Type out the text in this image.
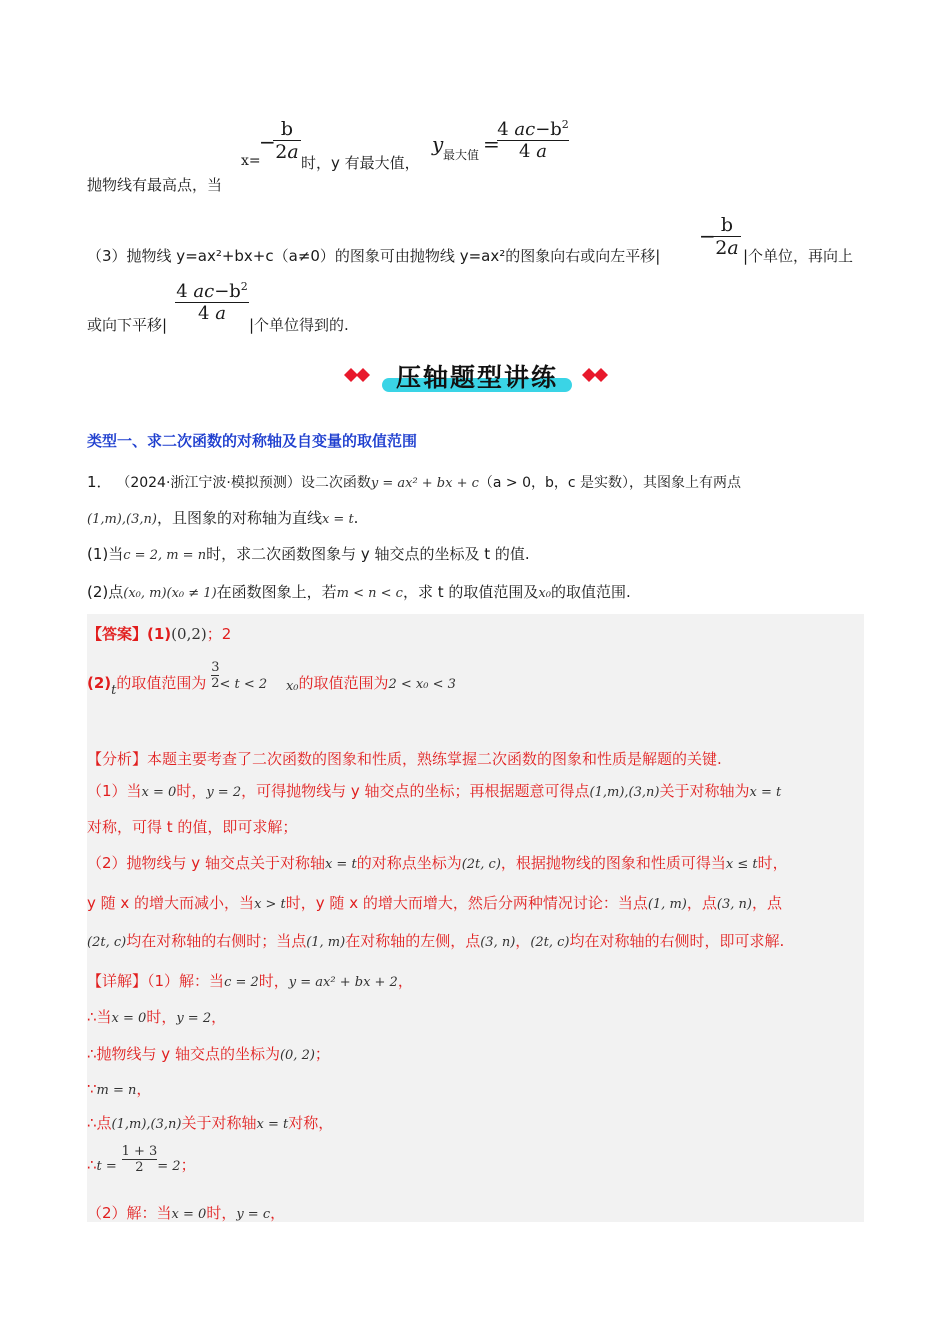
x=
−
$\frac{b}{2a}$ 时，y 有最大值，
y 最大值 =
$\frac{4 ac-b^2}{4 a}$
抛物线有最高点，当
（3）抛物线 y=ax²+bx+c（a≠0）的图象可由抛物线 y=ax²的图象向右或向左平移|
− b
2a |个单位，再向上
4 $ac-b^2$
4 a
或向下平移|	|个单位得到的.
压轴题型讲练
类型一、求二次函数的对称轴及自变量的取值范围
1． （2024·浙江宁波·模拟预测）设二次函数y = ax² + bx + c（a > 0，b，c 是实数），其图象上有两点
(1,m),(3,n)，且图象的对称轴为直线x = t.
(1)当c = 2, m = n时，求二次函数图象与 y 轴交点的坐标及 t 的值.
(2)点(x₀, m)(x₀ ≠ 1)在函数图象上，若m < n < c，求 t 的取值范围及x₀的取值范围.
【答案】(1)(0,2)；2
(2)t的取值范围为 $\frac{3}{2} < t < 2$ x₀的取值范围为2 < x₀ < 3
【分析】本题主要考查了二次函数的图象和性质，熟练掌握二次函数的图象和性质是解题的关键.
（1）当x = 0时，y = 2，可得抛物线与 y 轴交点的坐标；再根据题意可得点(1,m),(3,n)关于对称轴为x = t
对称，可得 t 的值，即可求解；
（2）抛物线与 y 轴交点关于对称轴x = t的对称点坐标为(2t, c)，根据抛物线的图象和性质可得当x ≤ t时，
y 随 x 的增大而减小，当x > t时，y 随 x 的增大而增大，然后分两种情况讨论：当点(1, m)，点(3, n)，点
(2t, c)均在对称轴的右侧时；当点(1, m)在对称轴的左侧，点(3, n)，(2t, c)均在对称轴的右侧时，即可求解.
【详解】（1）解：当c = 2时，y = ax² + bx + 2，
∴当x = 0时，y = 2，
∴抛物线与 y 轴交点的坐标为(0, 2)；
∵m = n，
∴点(1,m),(3,n)关于对称轴x = t对称，
∴t = $\frac{1 + 3}{2} = 2$；
（2）解：当x = 0时，y = c，
